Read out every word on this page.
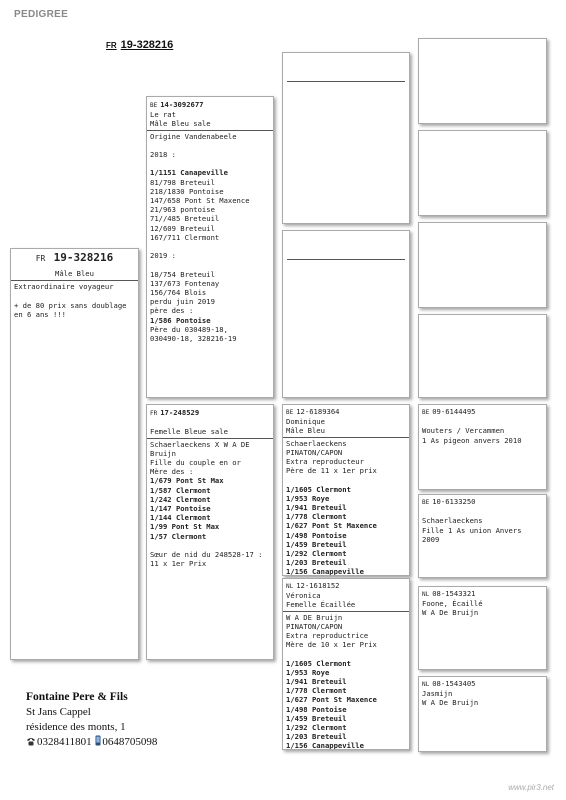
PEDIGREE
FR 19-328216
FR 19-328216
Mâle Bleu
Extraordinaire voyageur
+ de 80 prix sans doublage
en 6 ans !!!
BE 14-3092677
Le rat
Mâle Bleu sale
Origine Vandenabeele
2018 :
1/1151 Canapeville
81/798 Breteuil
218/1830 Pontoise
147/658 Pont St Maxence
21/963 pontoise
71//485 Breteuil
12/609 Breteuil
167/711 Clermont
2019 :
18/754 Breteuil
137/673 Fontenay
156/764 Blois
perdu juin 2019
père des :
1/586 Pontoise
Père du 030489-18,
030490-18, 328216-19
FR 17-248529
Femelle Bleue sale
Schaerlaeckens X W A DE
Bruijn
Fille du couple en or
Mère des :
1/679 Pont St Max
1/587 Clermont
1/242 Clermont
1/147 Pontoise
1/144 Clermont
1/99 Pont St Max
1/57 Clermont
Sœur de nid du 248528-17 :
11 x 1er Prix
BE 12-6189364
Dominique
Mâle Bleu
Schaerlaeckens
PINATON/CAPON
Extra reproducteur
Père de 11 x 1er prix
1/1605 Clermont
1/953 Roye
1/941 Breteuil
1/778 Clermont
1/627 Pont St Maxence
1/498 Pontoise
1/459 Breteuil
1/292 Clermont
1/203 Breteuil
1/156 Canappeville
NL 12-1618152
Véronica
Femelle Écaillée
W A DE Bruijn
PINATON/CAPON
Extra reproductrice
Mère de 10 x 1er Prix
1/1605 Clermont
1/953 Roye
1/941 Breteuil
1/778 Clermont
1/627 Pont St Maxence
1/498 Pontoise
1/459 Breteuil
1/292 Clermont
1/203 Breteuil
1/156 Canappeville
BE 09-6144495
Wouters / Vercammen
1 As pigeon anvers 2010
BE 10-6133250
Schaerlaeckens
Fille 1 As union Anvers
2009
NL 08-1543321
Foone, Écaillé
W A De Bruijn
NL 08-1543405
Jasmijn
W A De Bruijn
Fontaine Pere & Fils
St Jans Cappel
résidence des monts, 1
0328411801 0648705098
www.pir3.net
